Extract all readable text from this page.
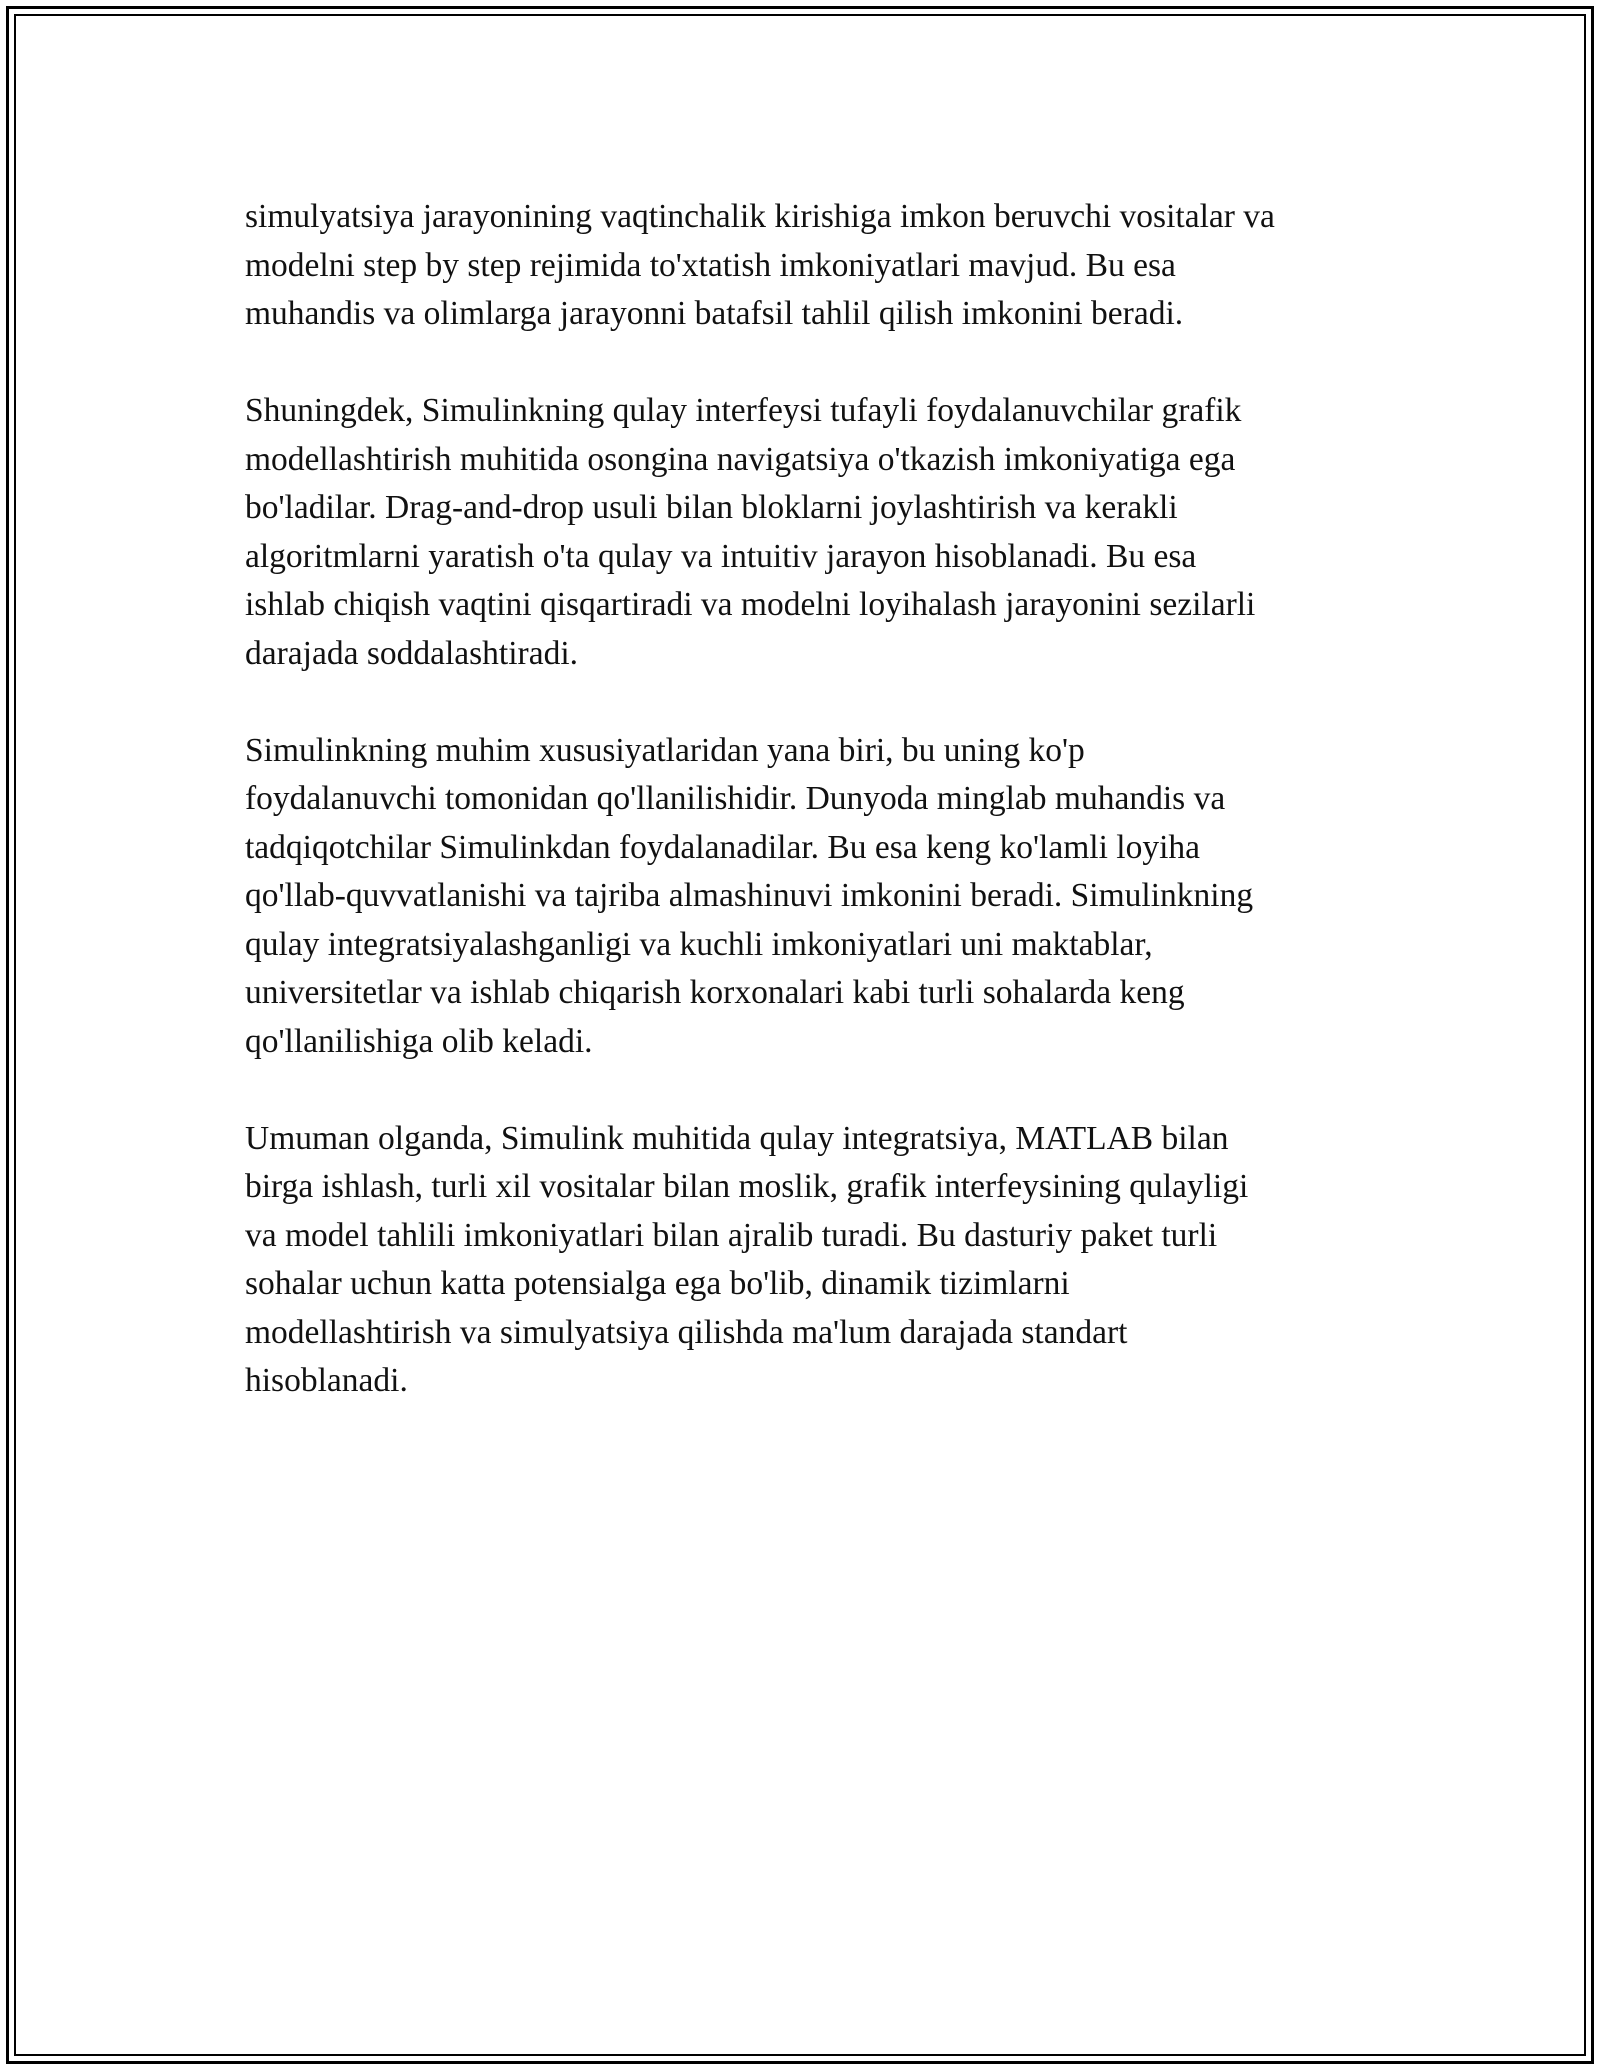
simulyatsiya jarayonining vaqtinchalik kirishiga imkon beruvchi vositalar va
modelni step by step rejimida to'xtatish imkoniyatlari mavjud. Bu esa
muhandis va olimlarga jarayonni batafsil tahlil qilish imkonini beradi.

Shuningdek, Simulinkning qulay interfeysi tufayli foydalanuvchilar grafik
modellashtirish muhitida osongina navigatsiya o'tkazish imkoniyatiga ega
bo'ladilar. Drag-and-drop usuli bilan bloklarni joylashtirish va kerakli
algoritmlarni yaratish o'ta qulay va intuitiv jarayon hisoblanadi. Bu esa
ishlab chiqish vaqtini qisqartiradi va modelni loyihalash jarayonini sezilarli
darajada soddalashtiradi.

Simulinkning muhim xususiyatlaridan yana biri, bu uning ko'p
foydalanuvchi tomonidan qo'llanilishidir. Dunyoda minglab muhandis va
tadqiqotchilar Simulinkdan foydalanadilar. Bu esa keng ko'lamli loyiha
qo'llab-quvvatlanishi va tajriba almashinuvi imkonini beradi. Simulinkning
qulay integratsiyalashganligi va kuchli imkoniyatlari uni maktablar,
universitetlar va ishlab chiqarish korxonalari kabi turli sohalarda keng
qo'llanilishiga olib keladi.

Umuman olganda, Simulink muhitida qulay integratsiya, MATLAB bilan
birga ishlash, turli xil vositalar bilan moslik, grafik interfeysining qulayligi
va model tahlili imkoniyatlari bilan ajralib turadi. Bu dasturiy paket turli
sohalar uchun katta potensialga ega bo'lib, dinamik tizimlarni
modellashtirish va simulyatsiya qilishda ma'lum darajada standart
hisoblanadi.
